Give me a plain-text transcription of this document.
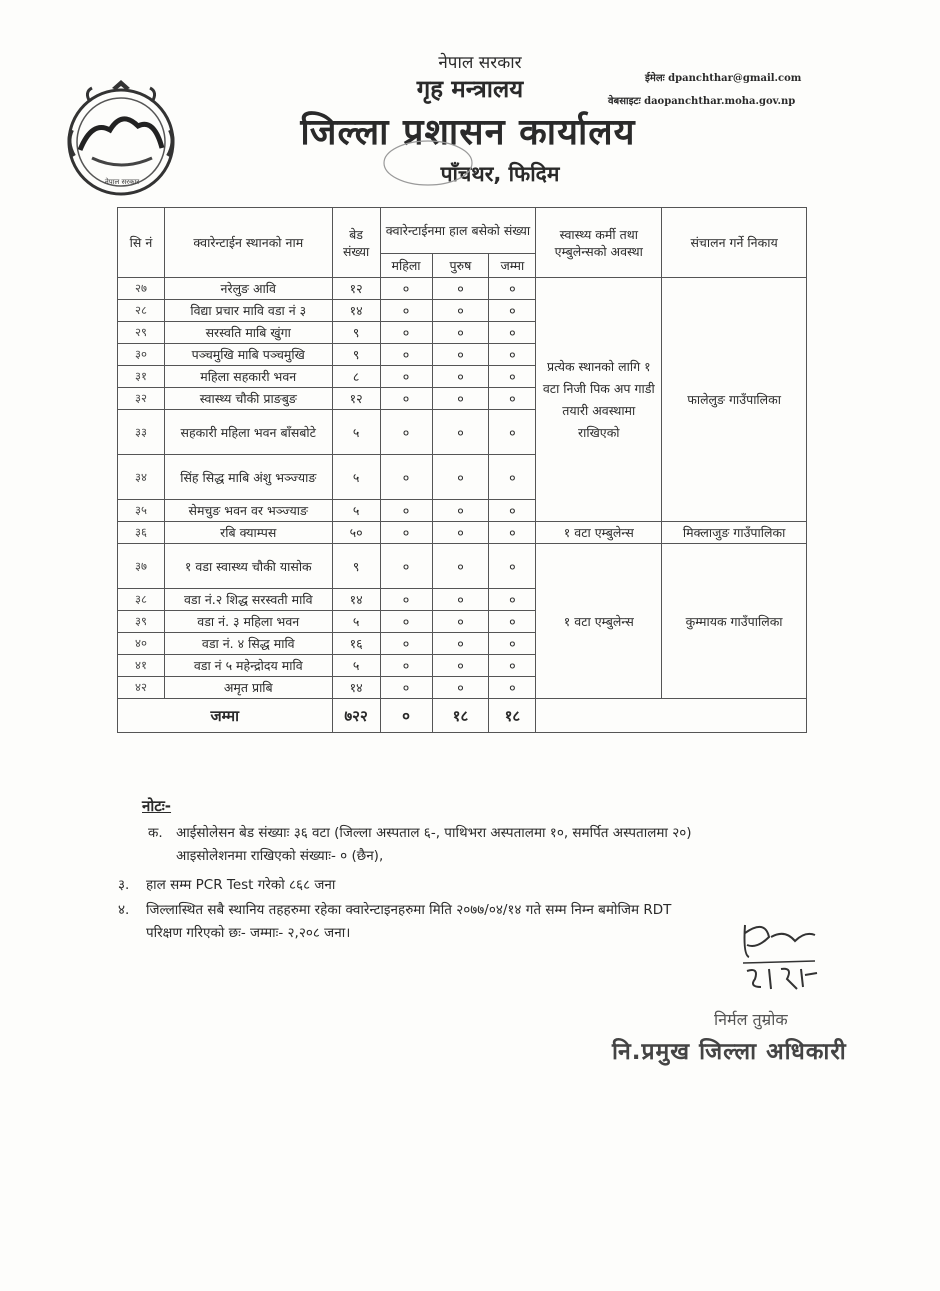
नेपाल सरकार
नेपाल सरकार
गृह मन्त्रालय
जिल्ला प्रशासन कार्यालय
पाँचथर, फिदिम
ईमेलः dpanchthar@gmail.com
वेबसाइटः daopanchthar.moha.gov.np
सि नं	क्वारेन्टाईन स्थानको नाम	बेड संख्या	क्वारेन्टाईनमा हाल बसेको संख्या			स्वास्थ्य कर्मी तथा एम्बुलेन्सको अवस्था	संचालन गर्ने निकाय
			महिला	पुरुष	जम्मा		
२७	नरेलुङ आवि	१२	०	०	०	प्रत्येक स्थानको लागि १ वटा निजी पिक अप गाडी तयारी अवस्थामा राखिएको	फालेलुङ गाउँपालिका
२८	विद्या प्रचार मावि वडा नं ३	१४	०	०	०		
२९	सरस्वति माबि खुंगा	९	०	०	०		
३०	पञ्चमुखि माबि पञ्चमुखि	९	०	०	०		
३१	महिला सहकारी भवन	८	०	०	०		
३२	स्वास्थ्य चौकी प्राङबुङ	१२	०	०	०		
३३	सहकारी महिला भवन बाँसबोटे	५	०	०	०		
३४	सिंह सिद्ध माबि अंशु भञ्ज्याङ	५	०	०	०		
३५	सेमचुङ भवन वर भञ्ज्याङ	५	०	०	०		
३६	रबि क्याम्पस	५०	०	०	०	१ वटा एम्बुलेन्स	मिक्लाजुङ गाउँपालिका
३७	१ वडा स्वास्थ्य चौकी यासोक	९	०	०	०	१ वटा एम्बुलेन्स	कुम्मायक गाउँपालिका
३८	वडा नं.२ शिद्ध सरस्वती मावि	१४	०	०	०		
३९	वडा नं. ३ महिला भवन	५	०	०	०		
४०	वडा नं. ४ सिद्ध मावि	१६	०	०	०		
४१	वडा नं ५ महेन्द्रोदय मावि	५	०	०	०		
४२	अमृत प्राबि	१४	०	०	०		
जम्मा		७२२	०	१८	१८		
नोटः-
क. आईसोलेसन बेड संख्याः ३६ वटा (जिल्ला अस्पताल ६-, पाथिभरा अस्पतालमा १०, समर्पित अस्पतालमा २०)
आइसोलेशनमा राखिएको संख्याः- ० (छैन),
३. हाल सम्म PCR Test गरेको ८६८ जना
४. जिल्लास्थित सबै स्थानिय तहहरुमा रहेका क्वारेन्टाइनहरुमा मिति २०७७/०४/१४ गते सम्म निम्न बमोजिम RDT
परिक्षण गरिएको छः- जम्माः- २,२०८ जना।
निर्मल तुम्रोक
नि.प्रमुख जिल्ला अधिकारी
